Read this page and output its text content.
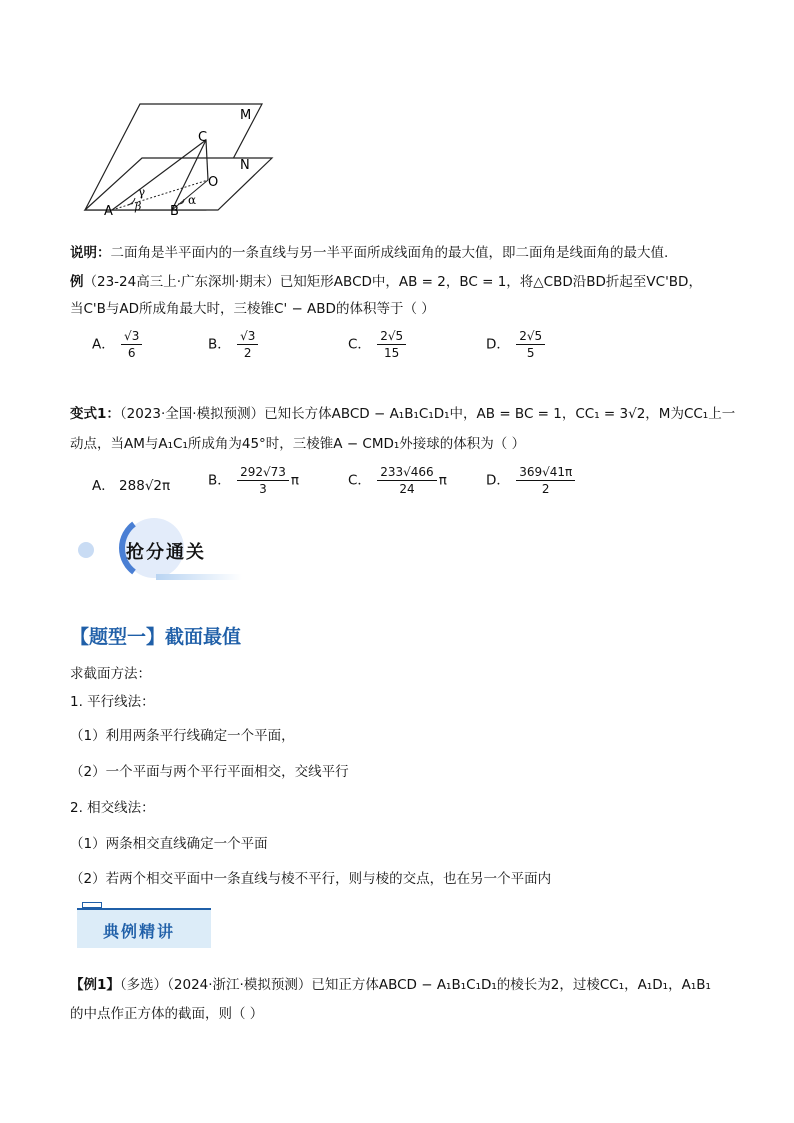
M
N
C
O
A	B
γ
β	α
说明：二面角是半平面内的一条直线与另一半平面所成线面角的最大值，即二面角是线面角的最大值.
例（23-24高三上·广东深圳·期末）已知矩形ABCD中，AB = 2，BC = 1，将△CBD沿BD折起至VC'BD，
当C'B与AD所成角最大时，三棱锥C' − ABD的体积等于（ ）
A． $\frac{√3}{6}$	B． $\frac{√3}{2}$	C． $\frac{2√5}{15}$	D． $\frac{2√5}{5}$
变式1：（2023·全国·模拟预测）已知长方体ABCD − A₁B₁C₁D₁中，AB = BC = 1，CC₁ = 3√2，M为CC₁上一
动点，当AM与A₁C₁所成角为45°时，三棱锥A − CMD₁外接球的体积为（ ）
A． 288√2π	B． $\frac{292√73}{3}$ π	C． $\frac{233√466}{24}$ π	D． $\frac{369√41\pi}{2}$
抢分通关
【题型一】截面最值
求截面方法：
1. 平行线法：
（1）利用两条平行线确定一个平面，
（2）一个平面与两个平行平面相交，交线平行
2. 相交线法：
（1）两条相交直线确定一个平面
（2）若两个相交平面中一条直线与棱不平行，则与棱的交点，也在另一个平面内
典例精讲
【例1】（多选）（2024·浙江·模拟预测）已知正方体ABCD − A₁B₁C₁D₁的棱长为2，过棱CC₁，A₁D₁，A₁B₁
的中点作正方体的截面，则（ ）
